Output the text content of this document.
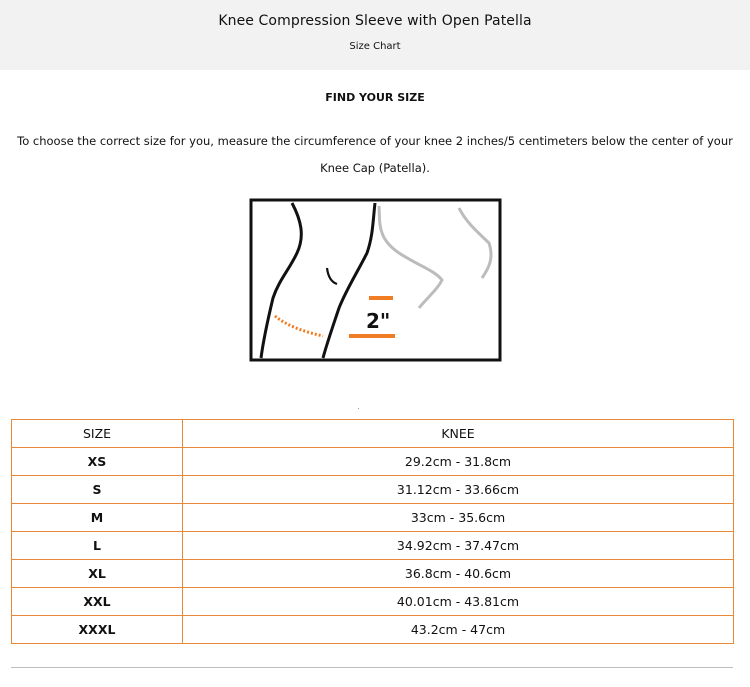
Knee Compression Sleeve with Open Patella
Size Chart
FIND YOUR SIZE
To choose the correct size for you, measure the circumference of your knee 2 inches/5 centimeters below the center of your Knee Cap (Patella).
2"
SIZE	KNEE
XS	29.2cm - 31.8cm
S	31.12cm - 33.66cm
M	33cm - 35.6cm
L	34.92cm - 37.47cm
XL	36.8cm - 40.6cm
XXL	40.01cm - 43.81cm
XXXL	43.2cm - 47cm
